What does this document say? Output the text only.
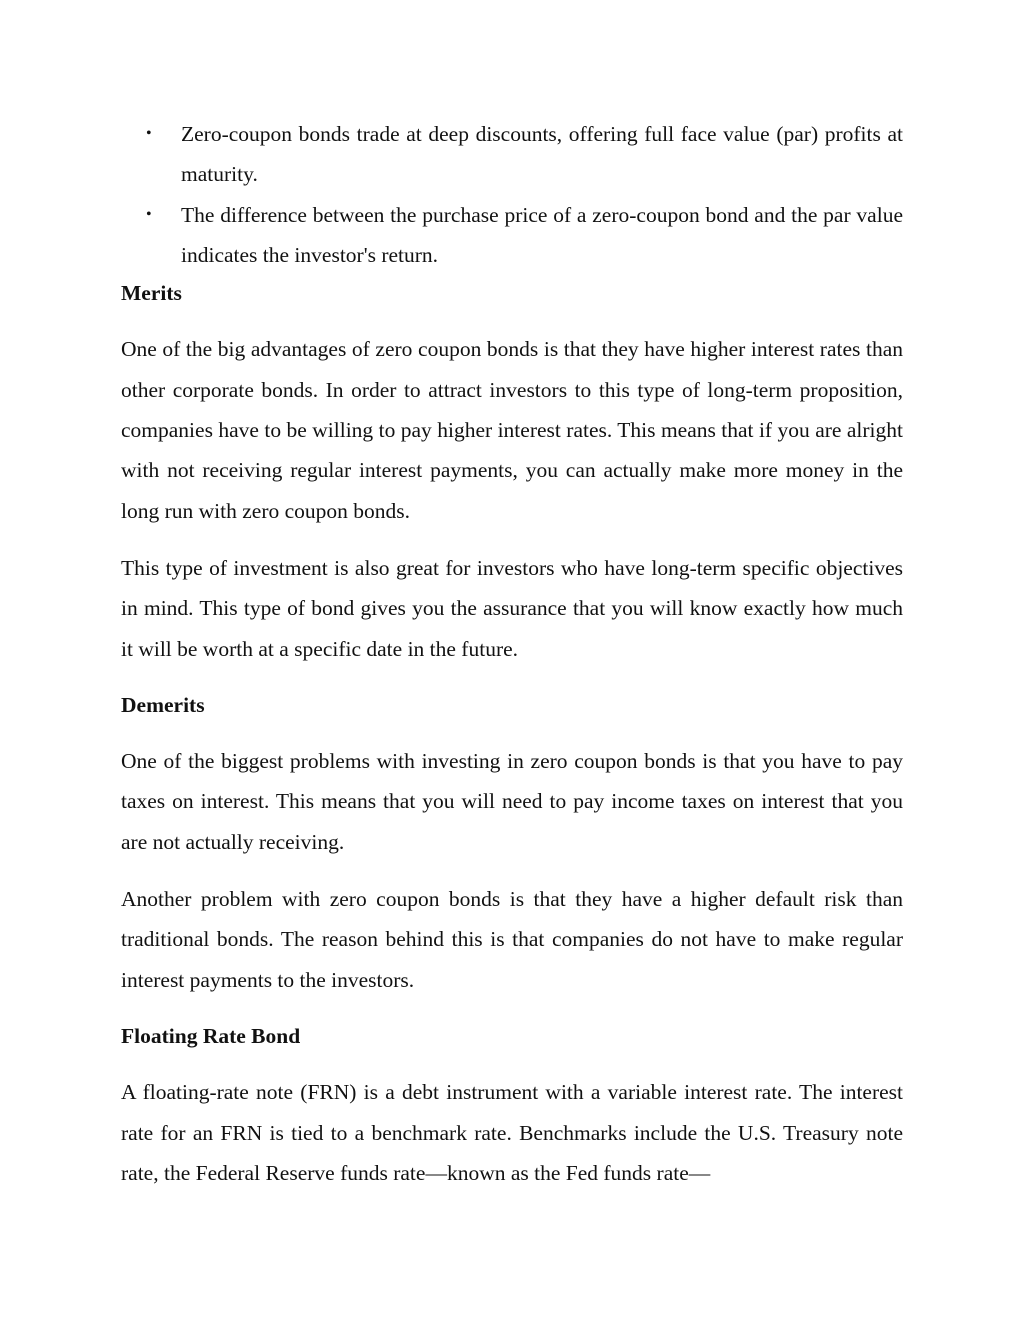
• Zero-coupon bonds trade at deep discounts, offering full face value (par) profits at maturity.
• The difference between the purchase price of a zero-coupon bond and the par value indicates the investor's return.
Merits

One of the big advantages of zero coupon bonds is that they have higher interest rates than other corporate bonds. In order to attract investors to this type of long-term proposition, companies have to be willing to pay higher interest rates. This means that if you are alright with not receiving regular interest payments, you can actually make more money in the long run with zero coupon bonds.

This type of investment is also great for investors who have long-term specific objectives in mind. This type of bond gives you the assurance that you will know exactly how much it will be worth at a specific date in the future.

Demerits

One of the biggest problems with investing in zero coupon bonds is that you have to pay taxes on interest. This means that you will need to pay income taxes on interest that you are not actually receiving.

Another problem with zero coupon bonds is that they have a higher default risk than traditional bonds. The reason behind this is that companies do not have to make regular interest payments to the investors.

Floating Rate Bond

A floating-rate note (FRN) is a debt instrument with a variable interest rate. The interest rate for an FRN is tied to a benchmark rate. Benchmarks include the U.S. Treasury note rate, the Federal Reserve funds rate—known as the Fed funds rate—
